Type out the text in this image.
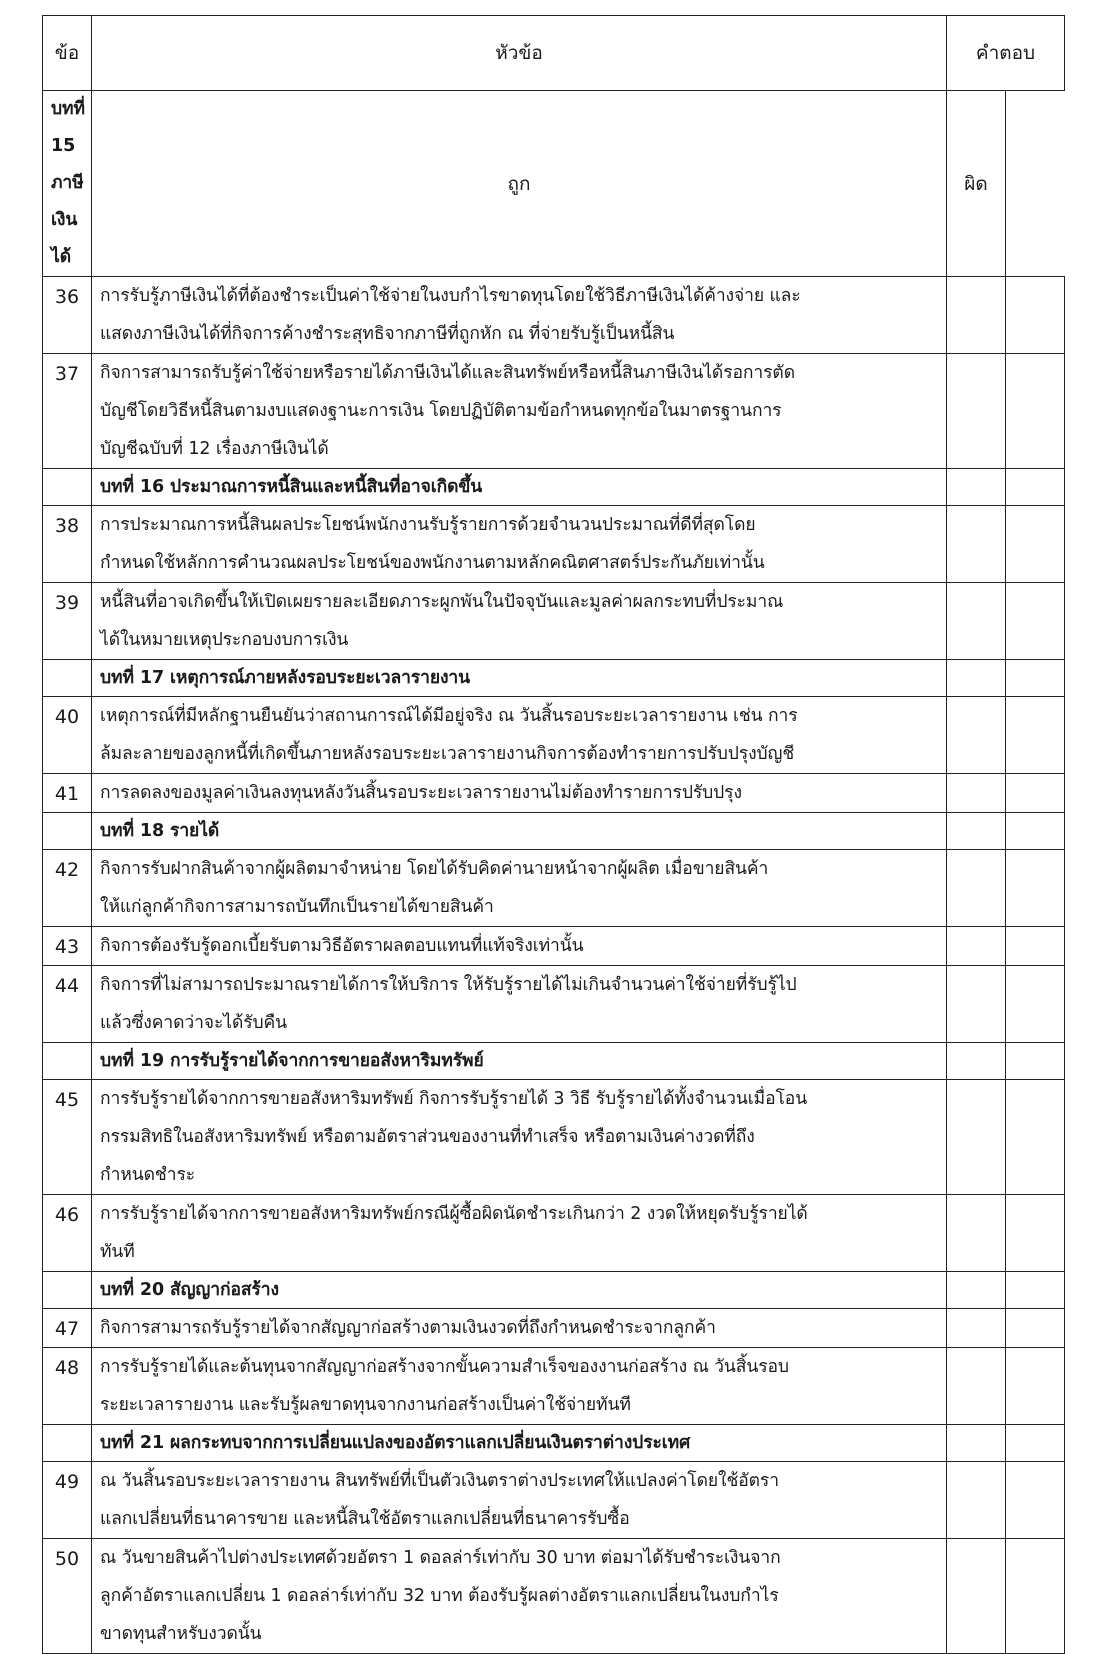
ข้อ	หัวข้อ	คำตอบ	
บทที่ 15 ภาษีเงินได้	ถูก	ผิด	
36	การรับรู้ภาษีเงินได้ที่ต้องชำระเป็นค่าใช้จ่ายในงบกำไรขาดทุนโดยใช้วิธีภาษีเงินได้ค้างจ่าย และ
แสดงภาษีเงินได้ที่กิจการค้างชำระสุทธิจากภาษีที่ถูกหัก ณ ที่จ่ายรับรู้เป็นหนี้สิน		

37	กิจการสามารถรับรู้ค่าใช้จ่ายหรือรายได้ภาษีเงินได้และสินทรัพย์หรือหนี้สินภาษีเงินได้รอการตัด
บัญชีโดยวิธีหนี้สินตามงบแสดงฐานะการเงิน โดยปฏิบัติตามข้อกำหนดทุกข้อในมาตรฐานการ
บัญชีฉบับที่ 12 เรื่องภาษีเงินได้		

	บทที่ 16 ประมาณการหนี้สินและหนี้สินที่อาจเกิดขึ้น		
38	การประมาณการหนี้สินผลประโยชน์พนักงานรับรู้รายการด้วยจำนวนประมาณที่ดีที่สุดโดย
กำหนดใช้หลักการคำนวณผลประโยชน์ของพนักงานตามหลักคณิตศาสตร์ประกันภัยเท่านั้น		

39	หนี้สินที่อาจเกิดขึ้นให้เปิดเผยรายละเอียดภาระผูกพันในปัจจุบันและมูลค่าผลกระทบที่ประมาณ
ได้ในหมายเหตุประกอบงบการเงิน		

	บทที่ 17 เหตุการณ์ภายหลังรอบระยะเวลารายงาน		
40	เหตุการณ์ที่มีหลักฐานยืนยันว่าสถานการณ์ได้มีอยู่จริง ณ วันสิ้นรอบระยะเวลารายงาน เช่น การ
ล้มละลายของลูกหนี้ที่เกิดขึ้นภายหลังรอบระยะเวลารายงานกิจการต้องทำรายการปรับปรุงบัญชี		

41	การลดลงของมูลค่าเงินลงทุนหลังวันสิ้นรอบระยะเวลารายงานไม่ต้องทำรายการปรับปรุง		

	บทที่ 18 รายได้		
42	กิจการรับฝากสินค้าจากผู้ผลิตมาจำหน่าย โดยได้รับคิดค่านายหน้าจากผู้ผลิต เมื่อขายสินค้า
ให้แก่ลูกค้ากิจการสามารถบันทึกเป็นรายได้ขายสินค้า		

43	กิจการต้องรับรู้ดอกเบี้ยรับตามวิธีอัตราผลตอบแทนที่แท้จริงเท่านั้น		

44	กิจการที่ไม่สามารถประมาณรายได้การให้บริการ ให้รับรู้รายได้ไม่เกินจำนวนค่าใช้จ่ายที่รับรู้ไป
แล้วซึ่งคาดว่าจะได้รับคืน		

	บทที่ 19 การรับรู้รายได้จากการขายอสังหาริมทรัพย์		
45	การรับรู้รายได้จากการขายอสังหาริมทรัพย์ กิจการรับรู้รายได้ 3 วิธี รับรู้รายได้ทั้งจำนวนเมื่อโอน
กรรมสิทธิในอสังหาริมทรัพย์ หรือตามอัตราส่วนของงานที่ทำเสร็จ หรือตามเงินค่างวดที่ถึง
กำหนดชำระ		

46	การรับรู้รายได้จากการขายอสังหาริมทรัพย์กรณีผู้ซื้อผิดนัดชำระเกินกว่า 2 งวดให้หยุดรับรู้รายได้
ทันที		

	บทที่ 20 สัญญาก่อสร้าง		
47	กิจการสามารถรับรู้รายได้จากสัญญาก่อสร้างตามเงินงวดที่ถึงกำหนดชำระจากลูกค้า		

48	การรับรู้รายได้และต้นทุนจากสัญญาก่อสร้างจากขั้นความสำเร็จของงานก่อสร้าง ณ วันสิ้นรอบ
ระยะเวลารายงาน และรับรู้ผลขาดทุนจากงานก่อสร้างเป็นค่าใช้จ่ายทันที		

	บทที่ 21 ผลกระทบจากการเปลี่ยนแปลงของอัตราแลกเปลี่ยนเงินตราต่างประเทศ		
49	ณ วันสิ้นรอบระยะเวลารายงาน สินทรัพย์ที่เป็นตัวเงินตราต่างประเทศให้แปลงค่าโดยใช้อัตรา
แลกเปลี่ยนที่ธนาคารขาย และหนี้สินใช้อัตราแลกเปลี่ยนที่ธนาคารรับซื้อ		

50	ณ วันขายสินค้าไปต่างประเทศด้วยอัตรา 1 ดอลล่าร์เท่ากับ 30 บาท ต่อมาได้รับชำระเงินจาก
ลูกค้าอัตราแลกเปลี่ยน 1 ดอลล่าร์เท่ากับ 32 บาท ต้องรับรู้ผลต่างอัตราแลกเปลี่ยนในงบกำไร
ขาดทุนสำหรับงวดนั้น		
